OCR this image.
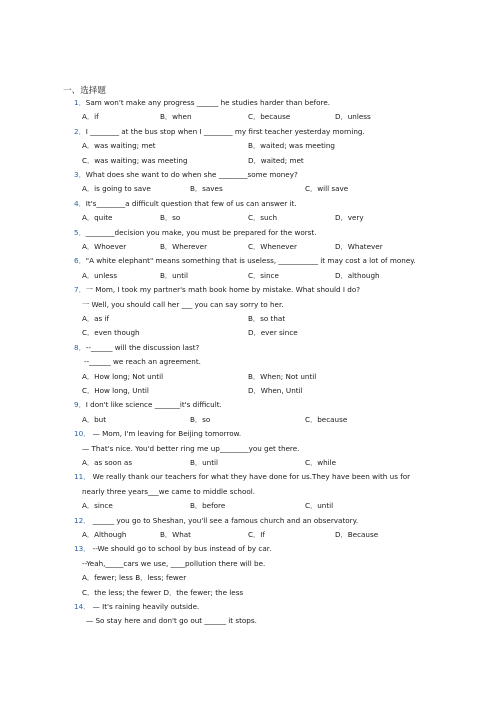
一、选择题
1．Sam won't make any progress ______ he studies harder than before.
A．if	B．when	C．because	D．unless
2．I ________ at the bus stop when I ________ my first teacher yesterday morning.
A．was waiting; met	B．waited; was meeting
C．was waiting; was meeting	D．waited; met
3．What does she want to do when she ________some money?
A．is going to save	B．saves	C．will save
4．It's________a difficult question that few of us can answer it.
A．quite	B．so	C．such	D．very
5．________decision you make, you must be prepared for the worst.
A．Whoever	B．Wherever	C．Whenever	D．Whatever
6．"A white elephant" means something that is useless, ___________ it may cost a lot of money.
A．unless	B．until	C．since	D．although
7．一 Mom, I took my partner's math book home by mistake. What should I do?
一 Well, you should call her ___ you can say sorry to her.
A．as if	B．so that
C．even though	D．ever since
8．--______ will the discussion last?
--______ we reach an agreement.
A．How long; Not until	B．When; Not until
C．How long, Until	D．When, Until
9．I don't like science _______it's difficult.
A．but	B．so	C．because
10． — Mom, I'm leaving for Beijing tomorrow.
— That's nice. You'd better ring me up________you get there.
A．as soon as	B．until	C．while
11． We really thank our teachers for what they have done for us.They have been with us for
nearly three years___we came to middle school.
A．since	B．before	C．until
12． ______ you go to Sheshan, you'll see a famous church and an observatory.
A．Although	B．What	C．If	D．Because
13． --We should go to school by bus instead of by car.
--Yeah,_____cars we use, ____pollution there will be.
A．fewer; less B．less; fewer
C．the less; the fewer D．the fewer; the less
14． — It's raining heavily outside.
— So stay here and don't go out ______ it stops.
